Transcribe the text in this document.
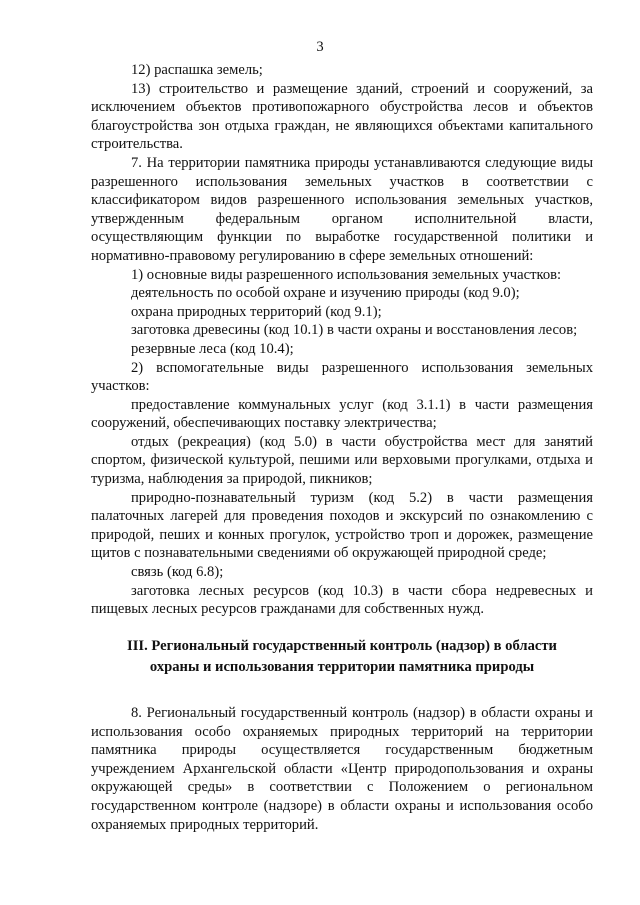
3

12) распашка земель;

13) строительство и размещение зданий, строений и сооружений, за исключением объектов противопожарного обустройства лесов и объектов благоустройства зон отдыха граждан, не являющихся объектами капитального строительства.

7. На территории памятника природы устанавливаются следующие виды разрешенного использования земельных участков в соответствии с классификатором видов разрешенного использования земельных участков, утвержденным федеральным органом исполнительной власти, осуществляющим функции по выработке государственной политики и нормативно-правовому регулированию в сфере земельных отношений:

1) основные виды разрешенного использования земельных участков:

деятельность по особой охране и изучению природы (код 9.0);

охрана природных территорий (код 9.1);

заготовка древесины (код 10.1) в части охраны и восстановления лесов;

резервные леса (код 10.4);

2) вспомогательные виды разрешенного использования земельных участков:

предоставление коммунальных услуг (код 3.1.1) в части размещения сооружений, обеспечивающих поставку электричества;

отдых (рекреация) (код 5.0) в части обустройства мест для занятий спортом, физической культурой, пешими или верховыми прогулками, отдыха и туризма, наблюдения за природой, пикников;

природно-познавательный туризм (код 5.2) в части размещения палаточных лагерей для проведения походов и экскурсий по ознакомлению с природой, пеших и конных прогулок, устройство троп и дорожек, размещение щитов с познавательными сведениями об окружающей природной среде;

связь (код 6.8);

заготовка лесных ресурсов (код 10.3) в части сбора недревесных и пищевых лесных ресурсов гражданами для собственных нужд.

III. Региональный государственный контроль (надзор) в области
охраны и использования территории памятника природы

8. Региональный государственный контроль (надзор) в области охраны и использования особо охраняемых природных территорий на территории памятника природы осуществляется государственным бюджетным учреждением Архангельской области «Центр природопользования и охраны окружающей среды» в соответствии с Положением о региональном государственном контроле (надзоре) в области охраны и использования особо охраняемых природных территорий.
